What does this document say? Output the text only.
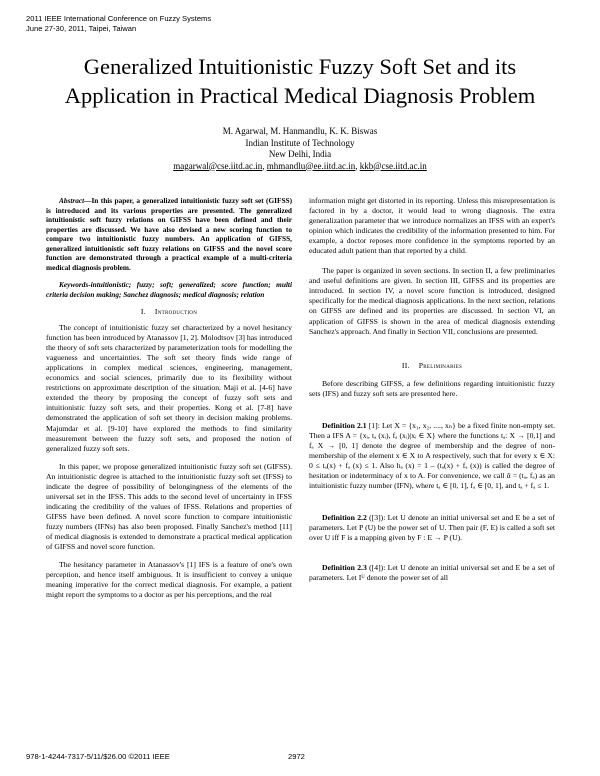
2011 IEEE International Conference on Fuzzy Systems
June 27-30, 2011, Taipei, Taiwan
Generalized Intuitionistic Fuzzy Soft Set and its
Application in Practical Medical Diagnosis Problem
M. Agarwal, M. Hanmandlu, K. K. Biswas
Indian Institute of Technology
New Delhi, India
magarwal@cse.iitd.ac.in, mhmandlu@ee.iitd.ac.in, kkb@cse.iitd.ac.in

Abstract—In this paper, a generalized intuitionistic fuzzy soft set (GIFSS) is introduced and its various properties are presented. The generalized intuitionistic soft fuzzy relations on GIFSS have been defined and their properties are discussed. We have also devised a new scoring function to compare two intuitionistic fuzzy numbers. An application of GIFSS, generalized intuitionistic soft fuzzy relations on GIFSS and the novel score function are demonstrated through a practical example of a multi-criteria medical diagnosis problem.

Keywords-intuitionistic; fuzzy; soft; generalized; score function; multi criteria decision making; Sanchez diagnosis; medical diagnosis; relation

I. Introduction

The concept of intuitionistic fuzzy set characterized by a novel hesitancy function has been introduced by Atanassov [1, 2]. Molodtsov [3] has introduced the theory of soft sets characterized by parameterization tools for modelling the vagueness and uncertainties. The soft set theory finds wide range of applications in complex medical sciences, engineering, management, economics and social sciences, primarily due to its flexibility without restrictions on approximate description of the situation. Maji et al. [4-6] have extended the theory by proposing the concept of fuzzy soft sets and intuitionistic fuzzy soft sets, and their properties. Kong et al. [7-8] have demonstrated the application of soft set theory in decision making problems. Majumdar et al. [9-10] have explored the methods to find similarity measurement between the fuzzy soft sets, and proposed the notion of generalized fuzzy soft sets.

In this paper, we propose generalized intuitionistic fuzzy soft set (GIFSS). An intuitionistic degree is attached to the intuitionistic fuzzy soft set (IFSS) to indicate the degree of possibility of belongingness of the elements of the universal set in the IFSS. This adds to the second level of uncertainty in IFSS indicating the credibility of the values of IFSS. Relations and properties of GIFSS have been defined. A novel score function to compare intuitionistic fuzzy numbers (IFNs) has also been proposed. Finally Sanchez's method [11] of medical diagnosis is extended to demonstrate a practical medical application of GIFSS and novel score function.

The hesitancy parameter in Atanassov's [1] IFS is a feature of one's own perception, and hence itself ambiguous. It is insufficient to convey a unique meaning imperative for the correct medical diagnosis. For example, a patient might report the symptoms to a doctor as per his perceptions, and the real

information might get distorted in its reporting. Unless this misrepresentation is factored in by a doctor, it would lead to wrong diagnosis. The extra generalization parameter that we introduce normalizes an IFSS with an expert's opinion which indicates the credibility of the information presented to him. For example, a doctor reposes more confidence in the symptoms reported by an educated adult patient than that reported by a child.

The paper is organized in seven sections. In section II, a few preliminaries and useful definitions are given. In section III, GIFSS and its properties are introduced. In section IV, a novel score function is introduced, designed specifically for the medical diagnosis applications. In the next section, relations on GIFSS are defined and its properties are discussed. In section VI, an application of GIFSS is shown in the area of medical diagnosis extending Sanchez's approach. And finally in Section VII, conclusions are presented.

II. Preliminaries

Before describing GIFSS, a few definitions regarding intuitionistic fuzzy sets (IFS) and fuzzy soft sets are presented here.

Definition 2.1 [1]: Let X = {x₁, x₂, ...., xₙ} be a fixed finite non-empty set. Then a IFS A = {xᵢ, tₐ (xᵢ), fₐ (xᵢ)|xᵢ ∈ X} where the functions tₐ: X → [0,1] and fₐ X → [0, 1] denote the degree of membership and the degree of non-membership of the element x ∈ X to A respectively, such that for every x ∈ X: 0 ≤ tₐ(x) + fₐ (x) ≤ 1. Also hₐ (x) = 1 – (tₐ(x) + fₐ (x)) is called the degree of hesitation or indeterminacy of x to A. For convenience, we call ᾶ = (tₐ, fₐ) as an intuitionistic fuzzy number (IFN), where tₐ ∈ [0, 1], fₐ ∈ [0, 1], and tₐ + fₐ ≤ 1.

Definition 2.2 ([3]): Let U denote an initial universal set and E be a set of parameters. Let P (U) be the power set of U. Then pair (F, E) is called a soft set over U iff F is a mapping given by F : E → P (U).

Definition 2.3 ([4]): Let U denote an initial universal set and E be a set of parameters. Let Iᵁ denote the power set of all

978-1-4244-7317-5/11/$26.00 ©2011 IEEE	2972
